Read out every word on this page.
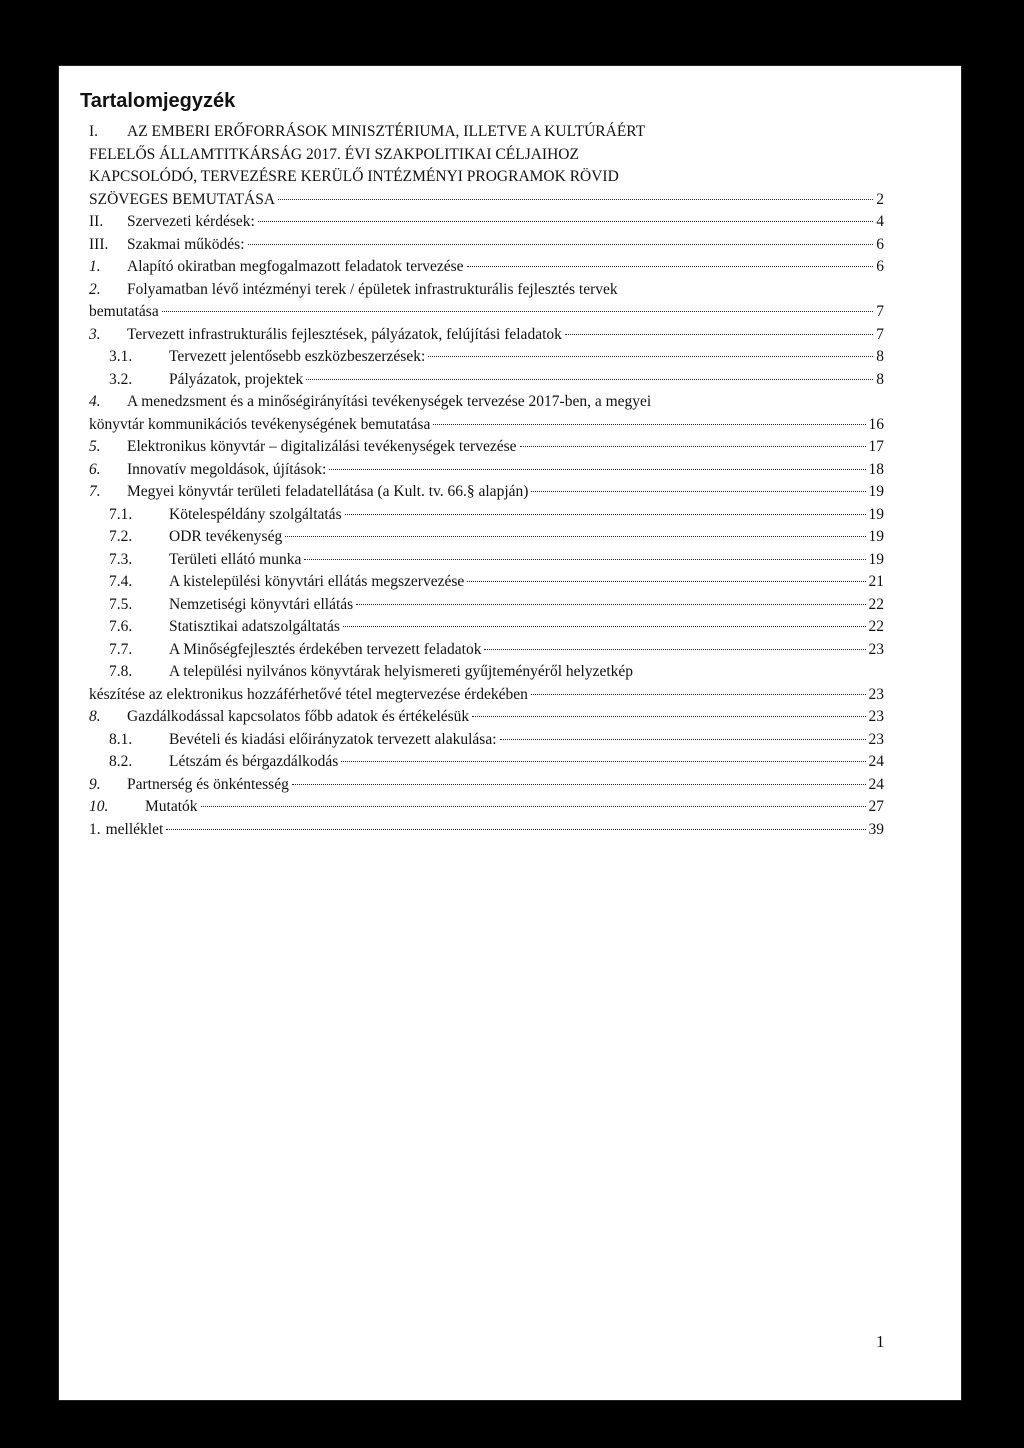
Tartalomjegyzék
I.	AZ EMBERI ERŐFORRÁSOK MINISZTÉRIUMA, ILLETVE A KULTÚRÁÉRT
FELELŐS ÁLLAMTITKÁRSÁG 2017. ÉVI SZAKPOLITIKAI CÉLJAIHOZ
KAPCSOLÓDÓ, TERVEZÉSRE KERÜLŐ INTÉZMÉNYI PROGRAMOK RÖVID
SZÖVEGES BEMUTATÁSA	2
II.	Szervezeti kérdések:	4
III.	Szakmai működés:	6
1.	Alapító okiratban megfogalmazott feladatok tervezése	6
2.	Folyamatban lévő intézményi terek / épületek infrastrukturális fejlesztés tervek
bemutatása	7
3.	Tervezett infrastrukturális fejlesztések, pályázatok, felújítási feladatok	7
3.1.	Tervezett jelentősebb eszközbeszerzések:	8
3.2.	Pályázatok, projektek	8
4.	A menedzsment és a minőségirányítási tevékenységek tervezése 2017-ben, a megyei
könyvtár kommunikációs tevékenységének bemutatása	16
5.	Elektronikus könyvtár – digitalizálási tevékenységek tervezése	17
6.	Innovatív megoldások, újítások:	18
7.	Megyei könyvtár területi feladatellátása (a Kult. tv. 66.§ alapján)	19
7.1.	Kötelespéldány szolgáltatás	19
7.2.	ODR tevékenység	19
7.3.	Területi ellátó munka	19
7.4.	A kistelepülési könyvtári ellátás megszervezése	21
7.5.	Nemzetiségi könyvtári ellátás	22
7.6.	Statisztikai adatszolgáltatás	22
7.7.	A Minőségfejlesztés érdekében tervezett feladatok	23
7.8.	A települési nyilvános könyvtárak helyismereti gyűjteményéről helyzetkép
készítése az elektronikus hozzáférhetővé tétel megtervezése érdekében	23
8.	Gazdálkodással kapcsolatos főbb adatok és értékelésük	23
8.1.	Bevételi és kiadási előirányzatok tervezett alakulása:	23
8.2.	Létszám és bérgazdálkodás	24
9.	Partnerség és önkéntesség	24
10.	Mutatók	27
1. melléklet	39
1
